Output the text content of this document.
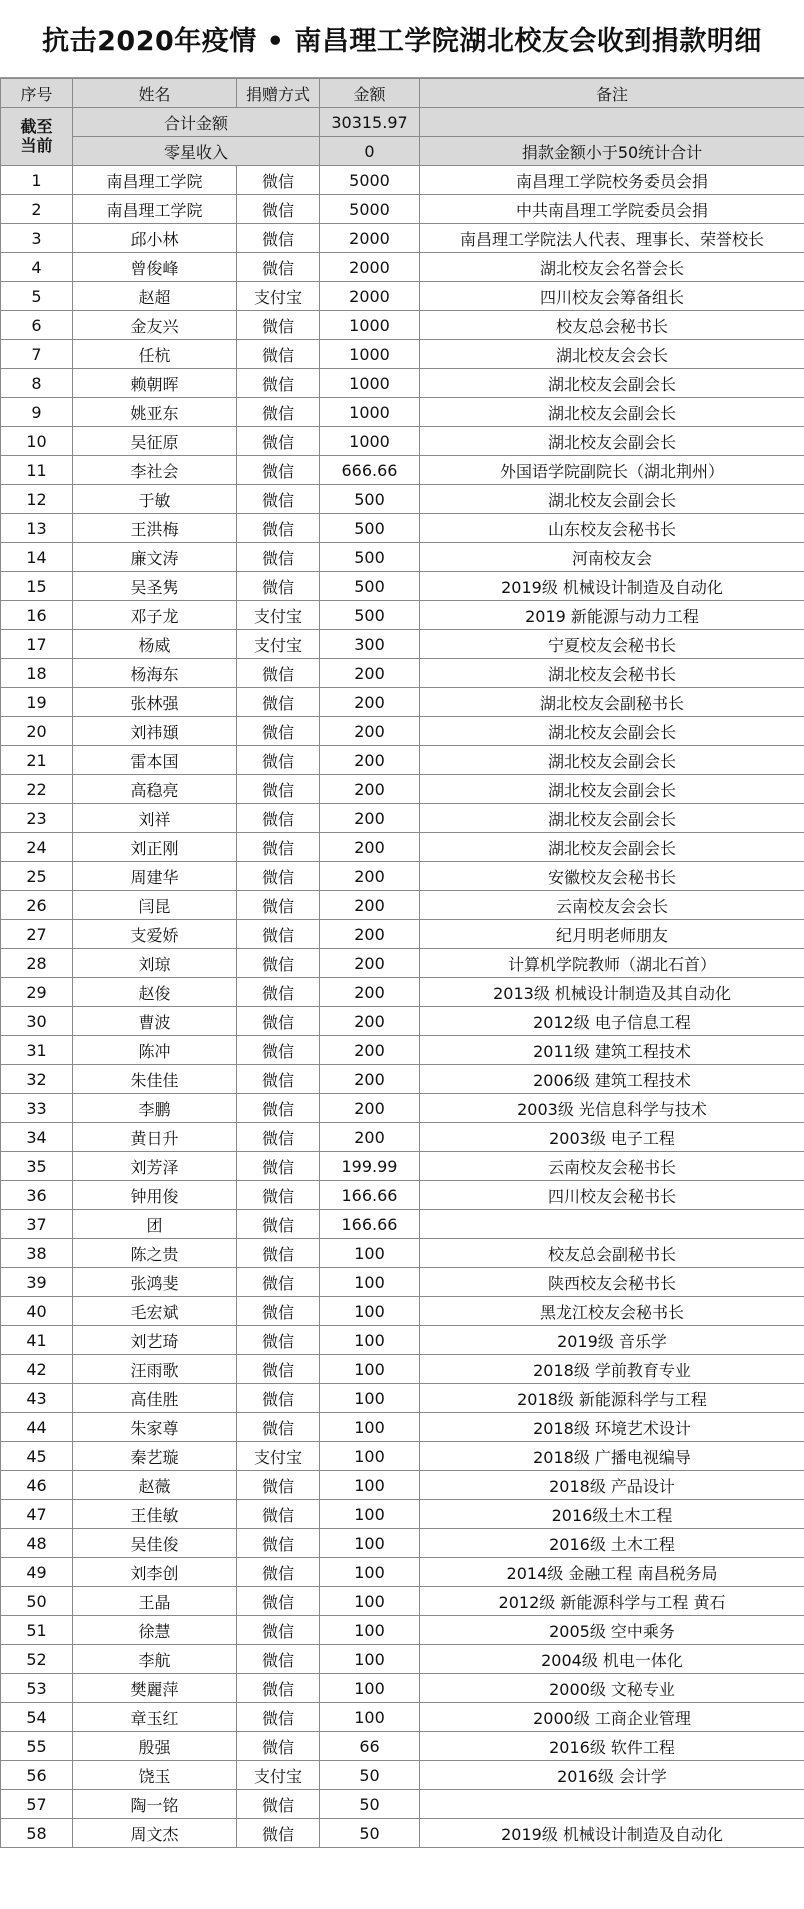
抗击2020年疫情 • 南昌理工学院湖北校友会收到捐款明细
序号	姓名	捐赠方式	金额	备注
截至
当前	合计金额		30315.97	
	零星收入		0	捐款金额小于50统计合计
1	南昌理工学院	微信	5000	南昌理工学院校务委员会捐
2	南昌理工学院	微信	5000	中共南昌理工学院委员会捐
3	邱小林	微信	2000	南昌理工学院法人代表、理事长、荣誉校长
4	曾俊峰	微信	2000	湖北校友会名誉会长
5	赵超	支付宝	2000	四川校友会筹备组长
6	金友兴	微信	1000	校友总会秘书长
7	任杭	微信	1000	湖北校友会会长
8	赖朝晖	微信	1000	湖北校友会副会长
9	姚亚东	微信	1000	湖北校友会副会长
10	吴征原	微信	1000	湖北校友会副会长
11	李社会	微信	666.66	外国语学院副院长（湖北荆州）
12	于敏	微信	500	湖北校友会副会长
13	王洪梅	微信	500	山东校友会秘书长
14	廉文涛	微信	500	河南校友会
15	吴圣隽	微信	500	2019级 机械设计制造及自动化
16	邓子龙	支付宝	500	2019 新能源与动力工程
17	杨威	支付宝	300	宁夏校友会秘书长
18	杨海东	微信	200	湖北校友会秘书长
19	张林强	微信	200	湖北校友会副秘书长
20	刘祎頲	微信	200	湖北校友会副会长
21	雷本国	微信	200	湖北校友会副会长
22	高稳亮	微信	200	湖北校友会副会长
23	刘祥	微信	200	湖北校友会副会长
24	刘正刚	微信	200	湖北校友会副会长
25	周建华	微信	200	安徽校友会秘书长
26	闫昆	微信	200	云南校友会会长
27	支爱娇	微信	200	纪月明老师朋友
28	刘琼	微信	200	计算机学院教师（湖北石首）
29	赵俊	微信	200	2013级 机械设计制造及其自动化
30	曹波	微信	200	2012级 电子信息工程
31	陈冲	微信	200	2011级 建筑工程技术
32	朱佳佳	微信	200	2006级 建筑工程技术
33	李鹏	微信	200	2003级 光信息科学与技术
34	黄日升	微信	200	2003级 电子工程
35	刘芳泽	微信	199.99	云南校友会秘书长
36	钟用俊	微信	166.66	四川校友会秘书长
37	团	微信	166.66	
38	陈之贵	微信	100	校友总会副秘书长
39	张鸿斐	微信	100	陕西校友会秘书长
40	毛宏斌	微信	100	黑龙江校友会秘书长
41	刘艺琦	微信	100	2019级 音乐学
42	汪雨歌	微信	100	2018级 学前教育专业
43	高佳胜	微信	100	2018级 新能源科学与工程
44	朱家尊	微信	100	2018级 环境艺术设计
45	秦艺璇	支付宝	100	2018级 广播电视编导
46	赵薇	微信	100	2018级 产品设计
47	王佳敏	微信	100	2016级土木工程
48	吴佳俊	微信	100	2016级 土木工程
49	刘李创	微信	100	2014级 金融工程 南昌税务局
50	王晶	微信	100	2012级 新能源科学与工程 黄石
51	徐慧	微信	100	2005级 空中乘务
52	李航	微信	100	2004级 机电一体化
53	樊麗萍	微信	100	2000级 文秘专业
54	章玉红	微信	100	2000级 工商企业管理
55	殷强	微信	66	2016级 软件工程
56	饶玉	支付宝	50	2016级 会计学
57	陶一铭	微信	50	
58	周文杰	微信	50	2019级 机械设计制造及自动化
